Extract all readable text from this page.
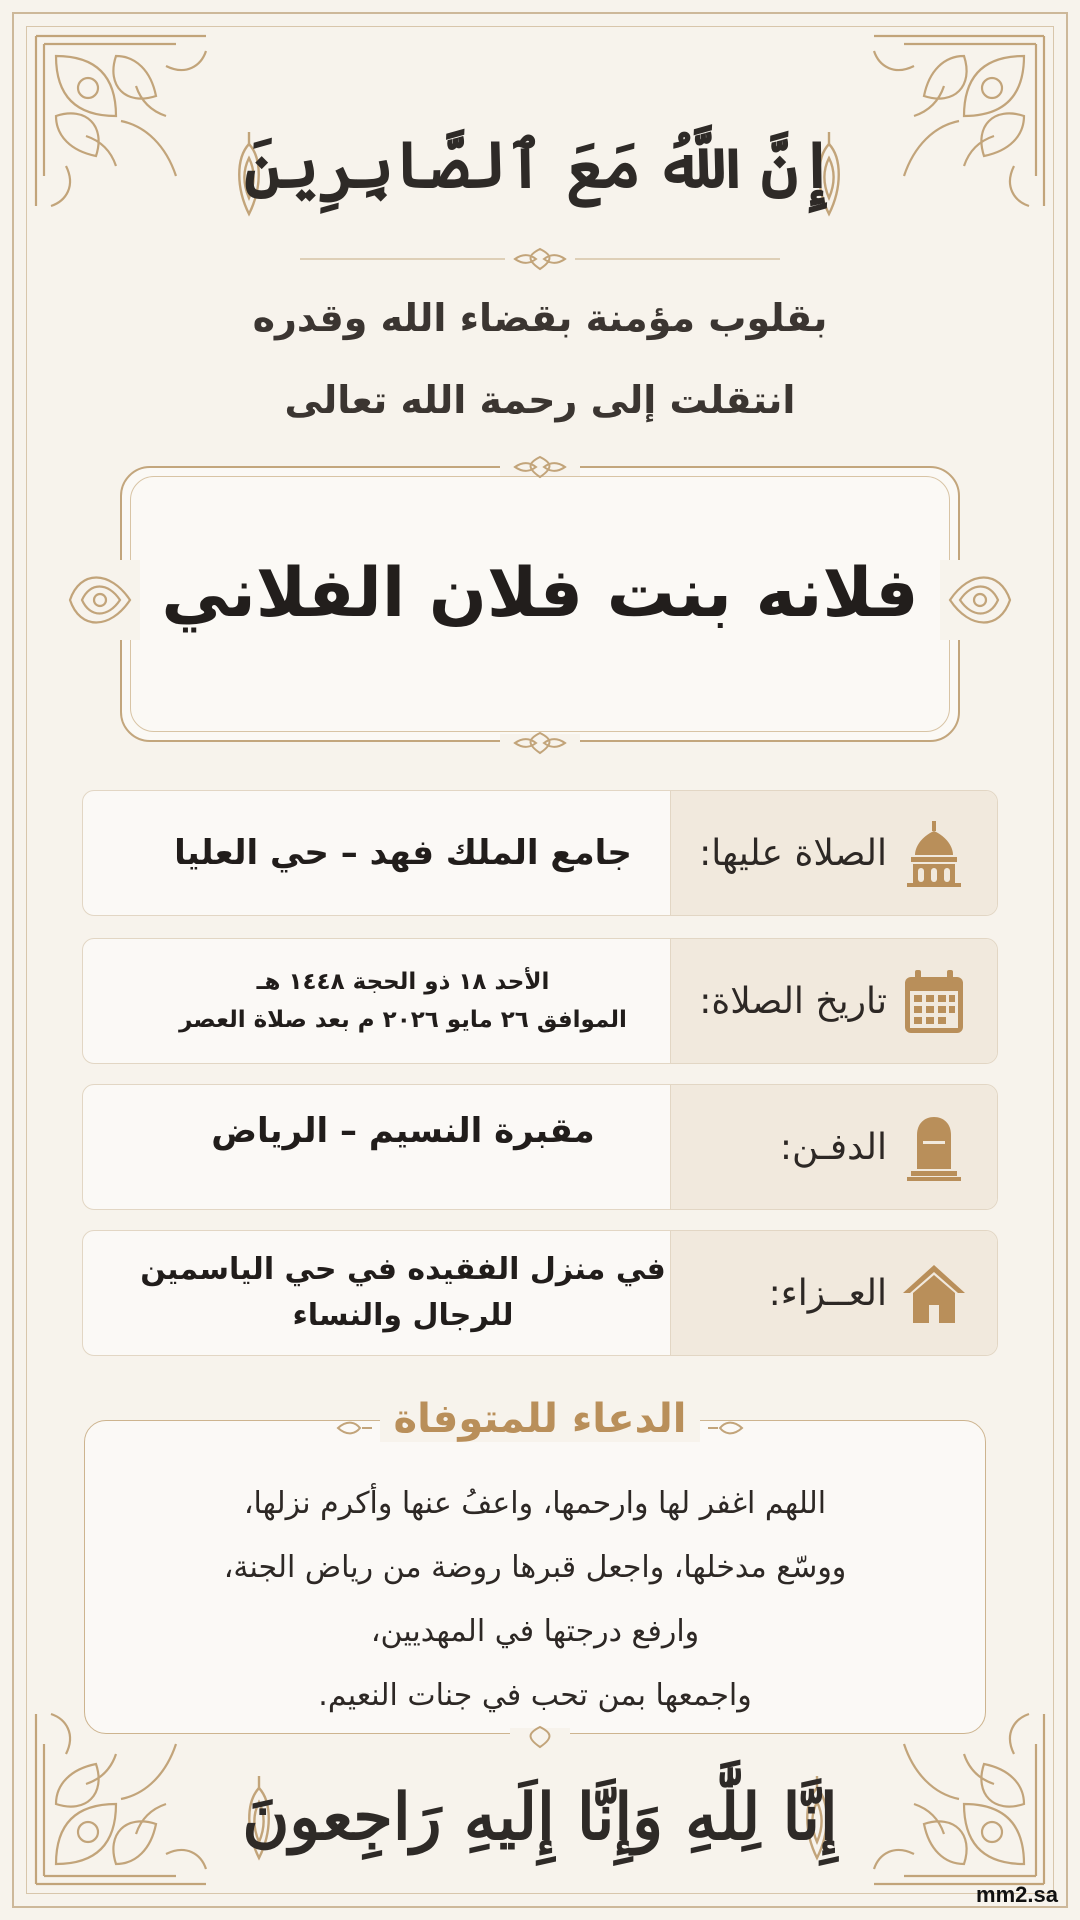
إِنَّ اللَّهُ مَعَ ٱلصَّابِرِينَ
بقلوب مؤمنة بقضاء الله وقدره
انتقلت إلى رحمة الله تعالى
فلانه بنت فلان الفلاني
الصلاة عليها:
جامع الملك فهد – حي العليا
تاريخ الصلاة:
الأحد ١٨ ذو الحجة ١٤٤٨ هـ
الموافق ٢٦ مايو ٢٠٢٦ م بعد صلاة العصر
الدفـن:
مقبرة النسيم – الرياض
العــزاء:
في منزل الفقيده في حي الياسمين
للرجال والنساء
الدعاء للمتوفاة
اللهم اغفر لها وارحمها، واعفُ عنها وأكرم نزلها،
ووسّع مدخلها، واجعل قبرها روضة من رياض الجنة،
وارفع درجتها في المهديين،
واجمعها بمن تحب في جنات النعيم.
إِنَّا لِلَّٰهِ وَإِنَّا إِلَيهِ رَاجِعونَ
mm2.sa
